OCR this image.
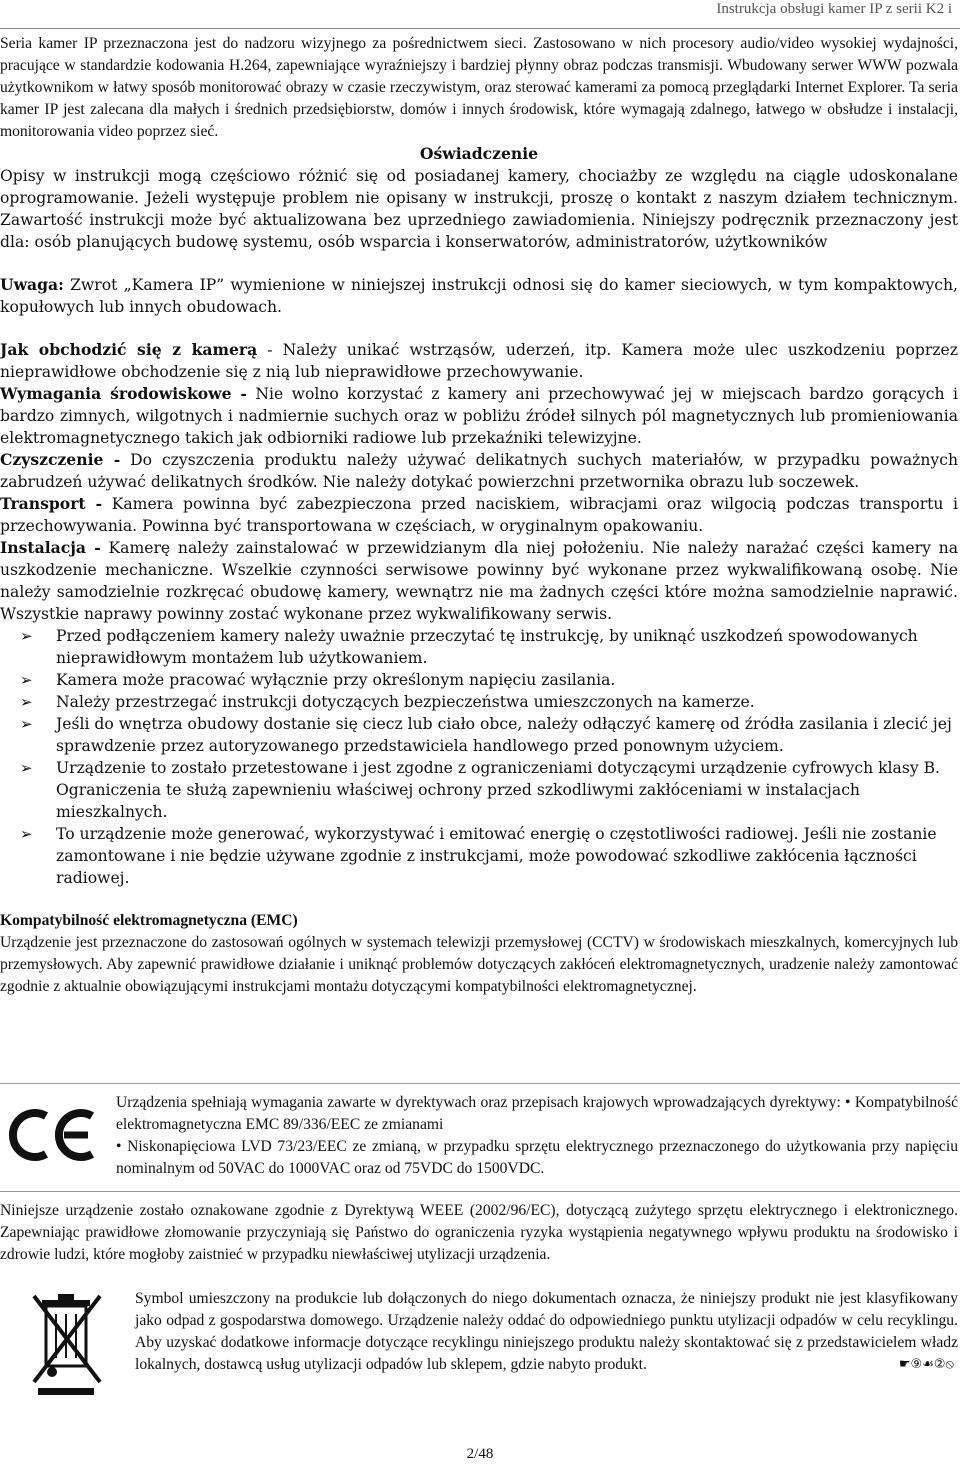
Instrukcja obsługi kamer IP z serii K2 i

Seria kamer IP przeznaczona jest do nadzoru wizyjnego za pośrednictwem sieci. Zastosowano w nich procesory audio/video wysokiej wydajności, pracujące w standardzie kodowania H.264, zapewniające wyraźniejszy i bardziej płynny obraz podczas transmisji. Wbudowany serwer WWW pozwala użytkownikom w łatwy sposób monitorować obrazy w czasie rzeczywistym, oraz sterować kamerami za pomocą przeglądarki Internet Explorer. Ta seria kamer IP jest zalecana dla małych i średnich przedsiębiorstw, domów i innych środowisk, które wymagają zdalnego, łatwego w obsłudze i instalacji, monitorowania video poprzez sieć.

Oświadczenie

Opisy w instrukcji mogą częściowo różnić się od posiadanej kamery, chociażby ze względu na ciągle udoskonalane oprogramowanie. Jeżeli występuje problem nie opisany w instrukcji, proszę o kontakt z naszym działem technicznym. Zawartość instrukcji może być aktualizowana bez uprzedniego zawiadomienia. Niniejszy podręcznik przeznaczony jest dla: osób planujących budowę systemu, osób wsparcia i konserwatorów, administratorów, użytkowników

Uwaga: Zwrot „Kamera IP” wymienione w niniejszej instrukcji odnosi się do kamer sieciowych, w tym kompaktowych, kopułowych lub innych obudowach.

Jak obchodzić się z kamerą - Należy unikać wstrząsów, uderzeń, itp. Kamera może ulec uszkodzeniu poprzez nieprawidłowe obchodzenie się z nią lub nieprawidłowe przechowywanie.

Wymagania środowiskowe - Nie wolno korzystać z kamery ani przechowywać jej w miejscach bardzo gorących i bardzo zimnych, wilgotnych i nadmiernie suchych oraz w pobliżu źródeł silnych pól magnetycznych lub promieniowania elektromagnetycznego takich jak odbiorniki radiowe lub przekaźniki telewizyjne.

Czyszczenie - Do czyszczenia produktu należy używać delikatnych suchych materiałów, w przypadku poważnych zabrudzeń używać delikatnych środków. Nie należy dotykać powierzchni przetwornika obrazu lub soczewek.

Transport - Kamera powinna być zabezpieczona przed naciskiem, wibracjami oraz wilgocią podczas transportu i przechowywania. Powinna być transportowana w częściach, w oryginalnym opakowaniu.

Instalacja - Kamerę należy zainstalować w przewidzianym dla niej położeniu. Nie należy narażać części kamery na uszkodzenie mechaniczne. Wszelkie czynności serwisowe powinny być wykonane przez wykwalifikowaną osobę. Nie należy samodzielnie rozkręcać obudowę kamery, wewnątrz nie ma żadnych części które można samodzielnie naprawić. Wszystkie naprawy powinny zostać wykonane przez wykwalifikowany serwis.

➢ Przed podłączeniem kamery należy uważnie przeczytać tę instrukcję, by uniknąć uszkodzeń spowodowanych nieprawidłowym montażem lub użytkowaniem.
➢ Kamera może pracować wyłącznie przy określonym napięciu zasilania.
➢ Należy przestrzegać instrukcji dotyczących bezpieczeństwa umieszczonych na kamerze.
➢ Jeśli do wnętrza obudowy dostanie się ciecz lub ciało obce, należy odłączyć kamerę od źródła zasilania i zlecić jej sprawdzenie przez autoryzowanego przedstawiciela handlowego przed ponownym użyciem.
➢ Urządzenie to zostało przetestowane i jest zgodne z ograniczeniami dotyczącymi urządzenie cyfrowych klasy B. Ograniczenia te służą zapewnieniu właściwej ochrony przed szkodliwymi zakłóceniami w instalacjach mieszkalnych.
➢ To urządzenie może generować, wykorzystywać i emitować energię o częstotliwości radiowej. Jeśli nie zostanie zamontowane i nie będzie używane zgodnie z instrukcjami, może powodować szkodliwe zakłócenia łączności radiowej.

Kompatybilność elektromagnetyczna (EMC)

Urządzenie jest przeznaczone do zastosowań ogólnych w systemach telewizji przemysłowej (CCTV) w środowiskach mieszkalnych, komercyjnych lub przemysłowych. Aby zapewnić prawidłowe działanie i uniknąć problemów dotyczących zakłóceń elektromagnetycznych, uradzenie należy zamontować zgodnie z aktualnie obowiązującymi instrukcjami montażu dotyczącymi kompatybilności elektromagnetycznej.

Urządzenia spełniają wymagania zawarte w dyrektywach oraz przepisach krajowych wprowadzających dyrektywy: • Kompatybilność elektromagnetyczna EMC 89/336/EEC ze zmianami
• Niskonapięciowa LVD 73/23/EEC ze zmianą, w przypadku sprzętu elektrycznego przeznaczonego do użytkowania przy napięciu nominalnym od 50VAC do 1000VAC oraz od 75VDC do 1500VDC.

Niniejsze urządzenie zostało oznakowane zgodnie z Dyrektywą WEEE (2002/96/EC), dotyczącą zużytego sprzętu elektrycznego i elektronicznego. Zapewniając prawidłowe złomowanie przyczyniają się Państwo do ograniczenia ryzyka wystąpienia negatywnego wpływu produktu na środowisko i zdrowie ludzi, które mogłoby zaistnieć w przypadku niewłaściwej utylizacji urządzenia.

Symbol umieszczony na produkcie lub dołączonych do niego dokumentach oznacza, że niniejszy produkt nie jest klasyfikowany jako odpad z gospodarstwa domowego. Urządzenie należy oddać do odpowiedniego punktu utylizacji odpadów w celu recyklingu. Aby uzyskać dodatkowe informacje dotyczące recyklingu niniejszego produktu należy skontaktować się z przedstawicielem władz lokalnych, dostawcą usług utylizacji odpadów lub sklepem, gdzie nabyto produkt.	☛⑨☙②⦸

2/48
